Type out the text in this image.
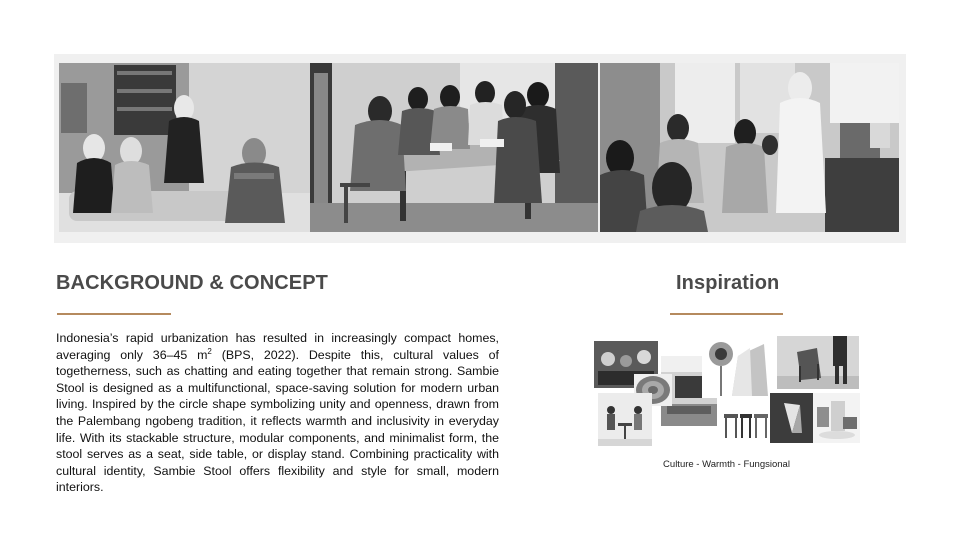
BACKGROUND & CONCEPT

Indonesia’s rapid urbanization has resulted in increasingly compact homes, averaging only 36–45 $m^2$ (BPS, 2022). Despite this, cultural values of togetherness, such as chatting and eating together that remain strong. Sambie Stool is designed as a multifunctional, space-saving solution for modern urban living. Inspired by the circle shape symbolizing unity and openness, drawn from the Palembang ngobeng tradition, it reflects warmth and inclusivity in everyday life. With its stackable structure, modular components, and minimalist form, the stool serves as a seat, side table, or display stand. Combining practicality with cultural identity, Sambie Stool offers flexibility and style for small, modern interiors.

Inspiration
Culture - Warmth - Fungsional
